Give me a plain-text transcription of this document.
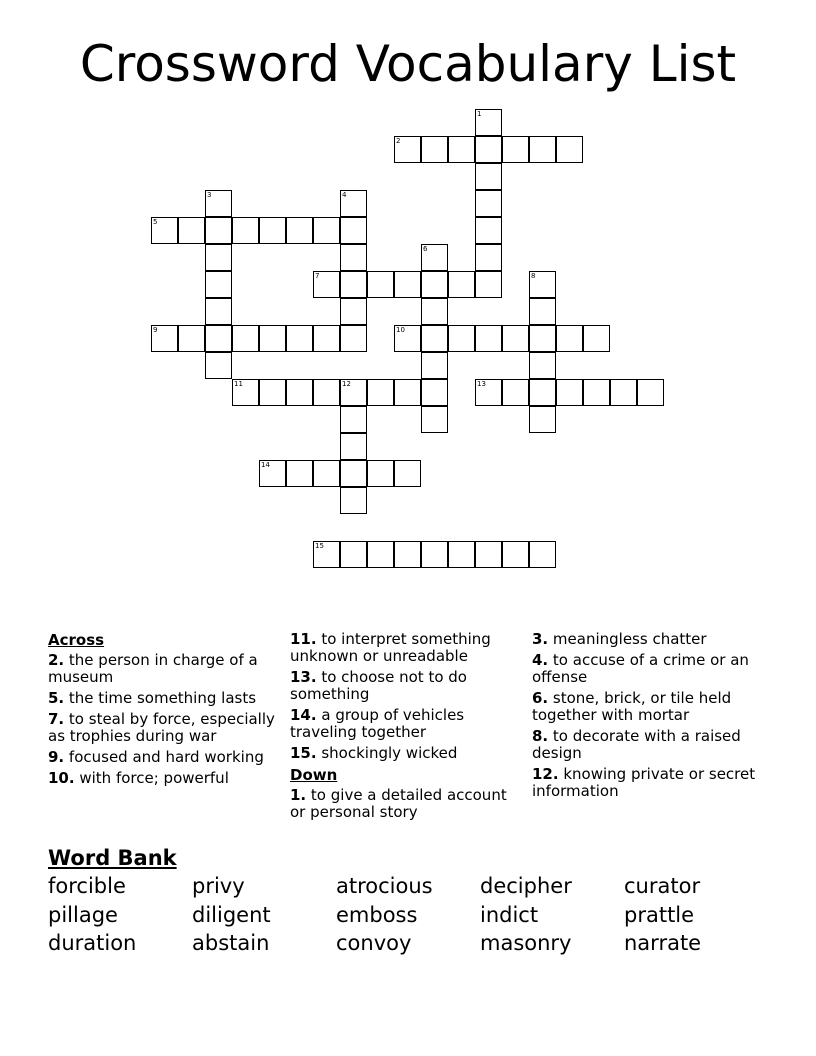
Crossword Vocabulary List
1
2
3	4
5
6
7	8
9	10
11	12	13
14
15
Across
2. the person in charge of a museum
5. the time something lasts
7. to steal by force, especially as trophies during war
9. focused and hard working
10. with force; powerful
11. to interpret something unknown or unreadable
13. to choose not to do something
14. a group of vehicles traveling together
15. shockingly wicked
Down
1. to give a detailed account or personal story
3. meaningless chatter
4. to accuse of a crime or an offense
6. stone, brick, or tile held together with mortar
8. to decorate with a raised design
12. knowing private or secret information
Word Bank
forcible	privy	atrocious decipher curator
pillage	diligent	emboss	indict	prattle
duration	abstain	convoy	masonry	narrate
